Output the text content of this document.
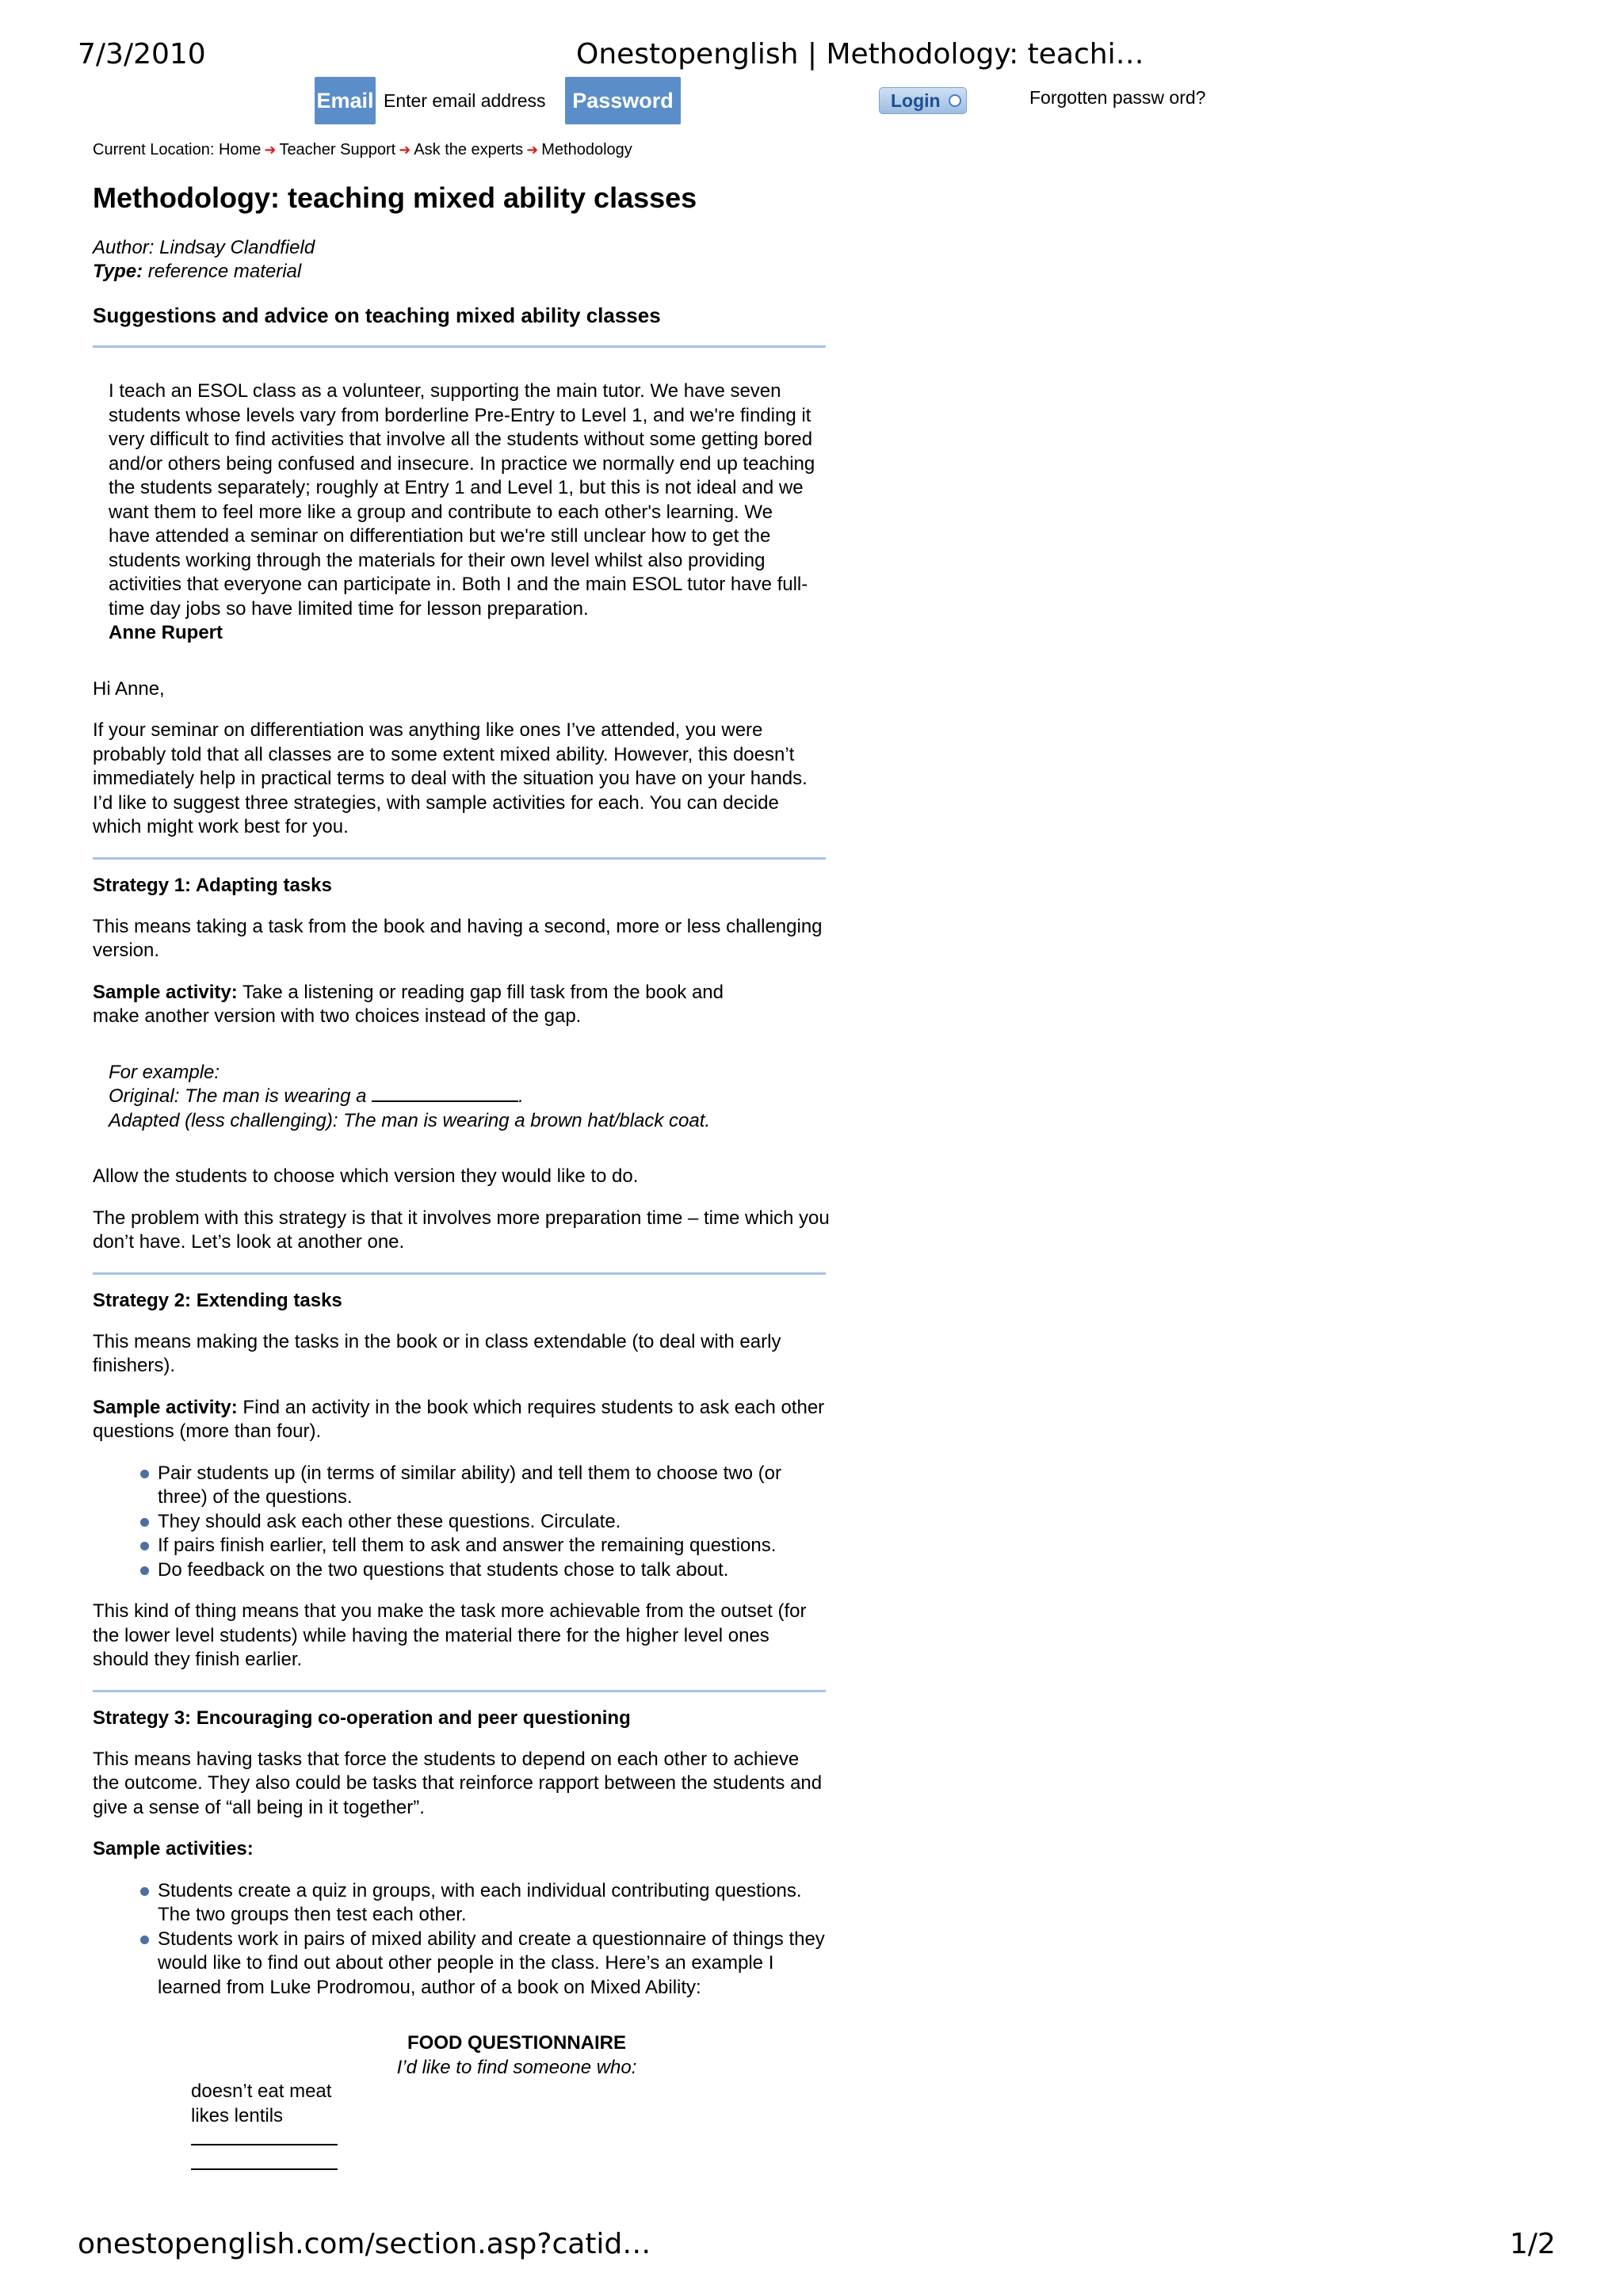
7/3/2010	Onestopenglish | Methodology: teachi…
Email
Enter email address	Password	Login	Forgotten passw ord?
Current Location: Home ➜ Teacher Support ➜ Ask the experts ➜ Methodology
Methodology: teaching mixed ability classes
Author: Lindsay Clandfield
Type: reference material
Suggestions and advice on teaching mixed ability classes
I teach an ESOL class as a volunteer, supporting the main tutor. We have seven students whose levels vary from borderline Pre-Entry to Level 1, and we're finding it very difficult to find activities that involve all the students without some getting bored and/or others being confused and insecure. In practice we normally end up teaching the students separately; roughly at Entry 1 and Level 1, but this is not ideal and we want them to feel more like a group and contribute to each other's learning. We have attended a seminar on differentiation but we're still unclear how to get the students working through the materials for their own level whilst also providing activities that everyone can participate in. Both I and the main ESOL tutor have full-time day jobs so have limited time for lesson preparation.
Anne Rupert
Hi Anne,
If your seminar on differentiation was anything like ones I’ve attended, you were probably told that all classes are to some extent mixed ability. However, this doesn’t immediately help in practical terms to deal with the situation you have on your hands. I’d like to suggest three strategies, with sample activities for each. You can decide which might work best for you.
Strategy 1: Adapting tasks
This means taking a task from the book and having a second, more or less challenging version.
Sample activity: Take a listening or reading gap fill task from the book and make another version with two choices instead of the gap.
For example:
Original: The man is wearing a	.
Adapted (less challenging): The man is wearing a brown hat/black coat.
Allow the students to choose which version they would like to do.
The problem with this strategy is that it involves more preparation time – time which you don’t have. Let’s look at another one.
Strategy 2: Extending tasks
This means making the tasks in the book or in class extendable (to deal with early finishers).
Sample activity: Find an activity in the book which requires students to ask each other questions (more than four).
Pair students up (in terms of similar ability) and tell them to choose two (or three) of the questions.
They should ask each other these questions. Circulate.
If pairs finish earlier, tell them to ask and answer the remaining questions.
Do feedback on the two questions that students chose to talk about.
This kind of thing means that you make the task more achievable from the outset (for the lower level students) while having the material there for the higher level ones should they finish earlier.
Strategy 3: Encouraging co-operation and peer questioning
This means having tasks that force the students to depend on each other to achieve the outcome. They also could be tasks that reinforce rapport between the students and give a sense of “all being in it together”.
Sample activities:
Students create a quiz in groups, with each individual contributing questions. The two groups then test each other.
Students work in pairs of mixed ability and create a questionnaire of things they would like to find out about other people in the class. Here’s an example I learned from Luke Prodromou, author of a book on Mixed Ability:
FOOD QUESTIONNAIRE
I’d like to find someone who:
doesn’t eat meat
likes lentils
onestopenglish.com/section.asp?catid…	1/2
